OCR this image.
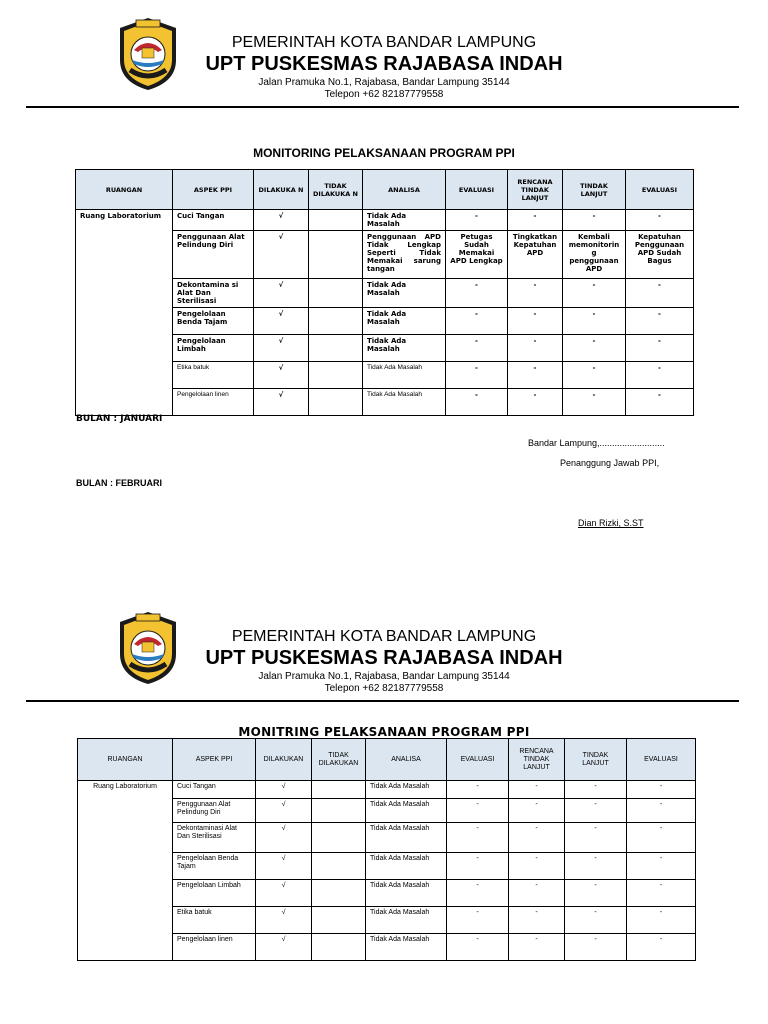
PEMERINTAH KOTA BANDAR LAMPUNG
UPT PUSKESMAS RAJABASA INDAH
Jalan Pramuka No.1, Rajabasa, Bandar Lampung 35144
Telepon +62 82187779558
MONITORING PELAKSANAAN PROGRAM PPI
RUANGAN	ASPEK PPI	DILAKUKA N	TIDAK DILAKUKA N	ANALISA	EVALUASI	RENCANA TINDAK LANJUT	TINDAK LANJUT	EVALUASI
Ruang Laboratorium	Cuci Tangan	√		Tidak Ada Masalah	-	-	-	-
	Penggunaan Alat Pelindung Diri	√		Penggunaan APD Tidak Lengkap Seperti Tidak Memakai sarung tangan	Petugas Sudah Memakai APD Lengkap	Tingkatkan Kepatuhan APD	Kembali memonitorin g penggunaan APD	Kepatuhan Penggunaan APD Sudah Bagus
	Dekontamina si Alat Dan Sterilisasi	√		Tidak Ada Masalah	-	-	-	-
	Pengelolaan Benda Tajam	√		Tidak Ada Masalah	-	-	-	-
	Pengelolaan Limbah	√		Tidak Ada Masalah	-	-	-	-
	Etika batuk	√		Tidak Ada Masalah	-	-	-	-
	Pengelolaan linen	√		Tidak Ada Masalah	-	-	-	-
BULAN : JANUARI
Bandar Lampung,..........................
Penanggung Jawab PPI,
BULAN : FEBRUARI
Dian Rizki, S.ST
PEMERINTAH KOTA BANDAR LAMPUNG
UPT PUSKESMAS RAJABASA INDAH
Jalan Pramuka No.1, Rajabasa, Bandar Lampung 35144
Telepon +62 82187779558
MONITRING PELAKSANAAN PROGRAM PPI
RUANGAN	ASPEK PPI	DILAKUKAN	TIDAK DILAKUKAN	ANALISA	EVALUASI	RENCANA TINDAK LANJUT	TINDAK LANJUT	EVALUASI
Ruang Laboratorium	Cuci Tangan	√		Tidak Ada Masalah	-	-	-	-
	Penggunaan Alat Pelindung Diri	√		Tidak Ada Masalah	-	-	-	-
	Dekontaminasi Alat Dan Sterilisasi	√		Tidak Ada Masalah	-	-	-	-
	Pengelolaan Benda Tajam	√		Tidak Ada Masalah	-	-	-	-
	Pengelolaan Limbah	√		Tidak Ada Masalah	-	-	-	-
	Etika batuk	√		Tidak Ada Masalah	-	-	-	-
	Pengelolaan linen	√		Tidak Ada Masalah	-	-	-	-
